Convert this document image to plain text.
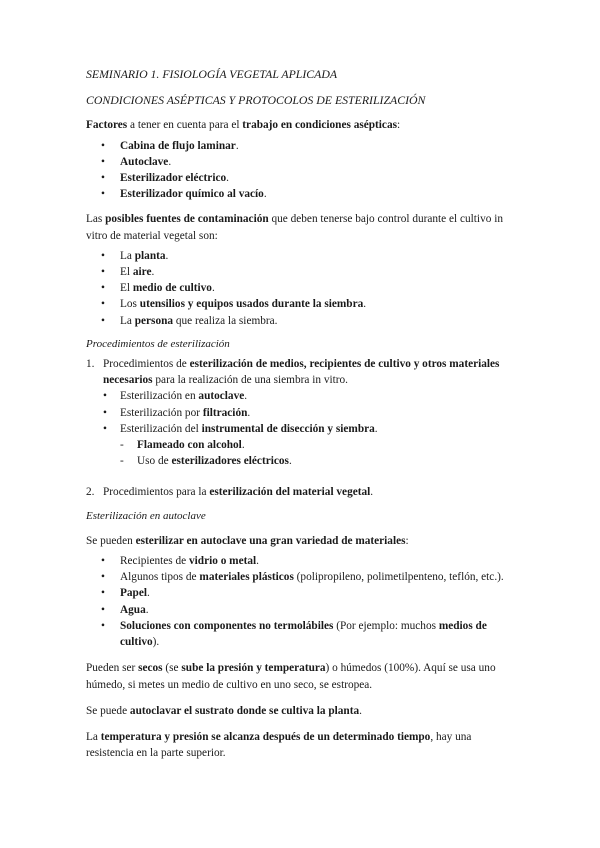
SEMINARIO 1. FISIOLOGÍA VEGETAL APLICADA

CONDICIONES ASÉPTICAS Y PROTOCOLOS DE ESTERILIZACIÓN

Factores a tener en cuenta para el trabajo en condiciones asépticas:

• Cabina de flujo laminar.
• Autoclave.
• Esterilizador eléctrico.
• Esterilizador químico al vacío.

Las posibles fuentes de contaminación que deben tenerse bajo control durante el cultivo in vitro de material vegetal son:

• La planta.
• El aire.
• El medio de cultivo.
• Los utensilios y equipos usados durante la siembra.
• La persona que realiza la siembra.

Procedimientos de esterilización

1. Procedimientos de esterilización de medios, recipientes de cultivo y otros materiales necesarios para la realización de una siembra in vitro.
• Esterilización en autoclave.
• Esterilización por filtración.
• Esterilización del instrumental de disección y siembra.
- Flameado con alcohol.
- Uso de esterilizadores eléctricos.
2. Procedimientos para la esterilización del material vegetal.

Esterilización en autoclave

Se pueden esterilizar en autoclave una gran variedad de materiales:

• Recipientes de vidrio o metal.
• Algunos tipos de materiales plásticos (polipropileno, polimetilpenteno, teflón, etc.).
• Papel.
• Agua.
• Soluciones con componentes no termolábiles (Por ejemplo: muchos medios de cultivo).

Pueden ser secos (se sube la presión y temperatura) o húmedos (100%). Aquí se usa uno húmedo, si metes un medio de cultivo en uno seco, se estropea.

Se puede autoclavar el sustrato donde se cultiva la planta.

La temperatura y presión se alcanza después de un determinado tiempo, hay una resistencia en la parte superior.
